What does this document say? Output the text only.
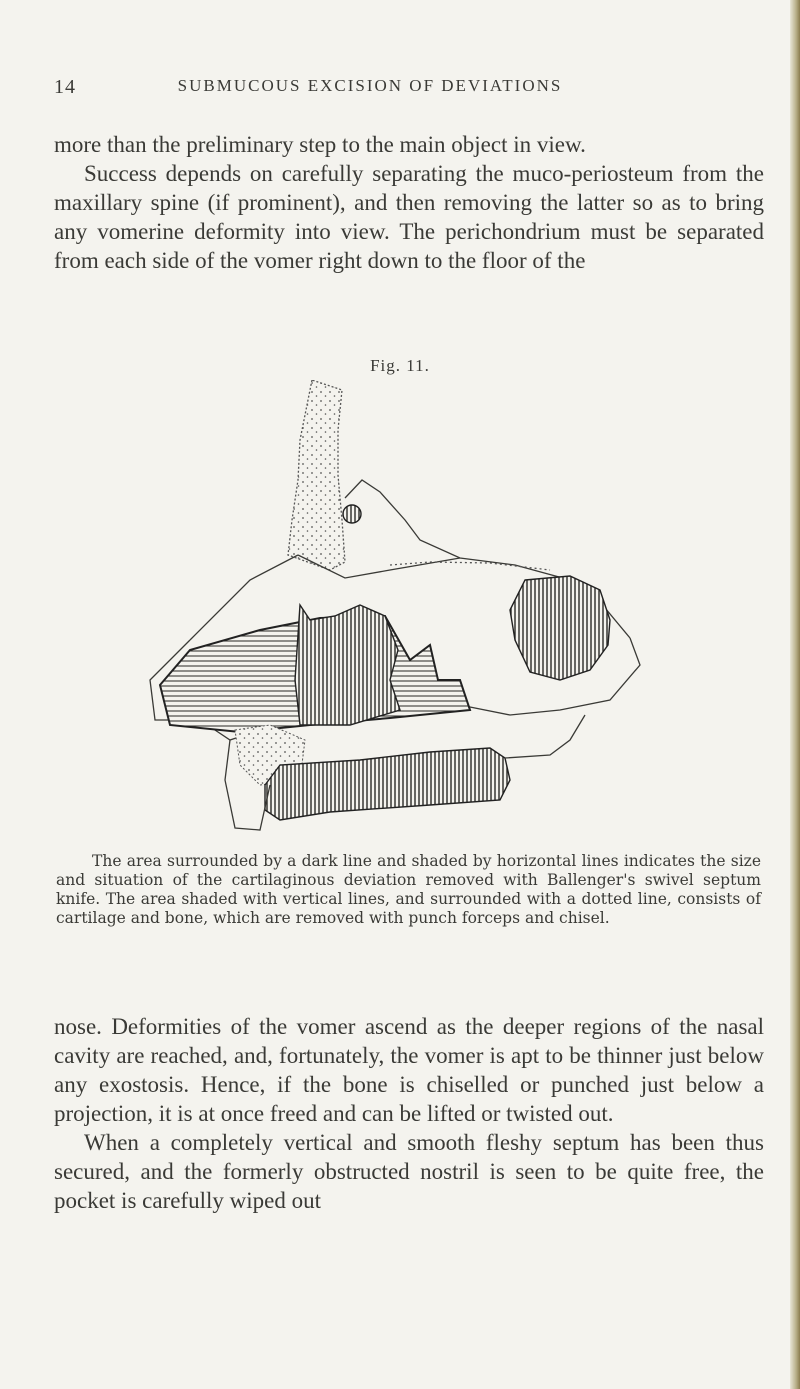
14	SUBMUCOUS EXCISION OF DEVIATIONS

more than the preliminary step to the main object in view.

Success depends on carefully separating the muco-periosteum from the maxillary spine (if prominent), and then removing the latter so as to bring any vomerine deformity into view. The perichondrium must be separated from each side of the vomer right down to the floor of the

Fig. 11.

The area surrounded by a dark line and shaded by horizontal lines indicates the size and situation of the cartilaginous deviation removed with Ballenger's swivel septum knife. The area shaded with vertical lines, and surrounded with a dotted line, consists of cartilage and bone, which are removed with punch forceps and chisel.

nose. Deformities of the vomer ascend as the deeper regions of the nasal cavity are reached, and, fortunately, the vomer is apt to be thinner just below any exostosis. Hence, if the bone is chiselled or punched just below a projection, it is at once freed and can be lifted or twisted out.

When a completely vertical and smooth fleshy septum has been thus secured, and the formerly obstructed nostril is seen to be quite free, the pocket is carefully wiped out
